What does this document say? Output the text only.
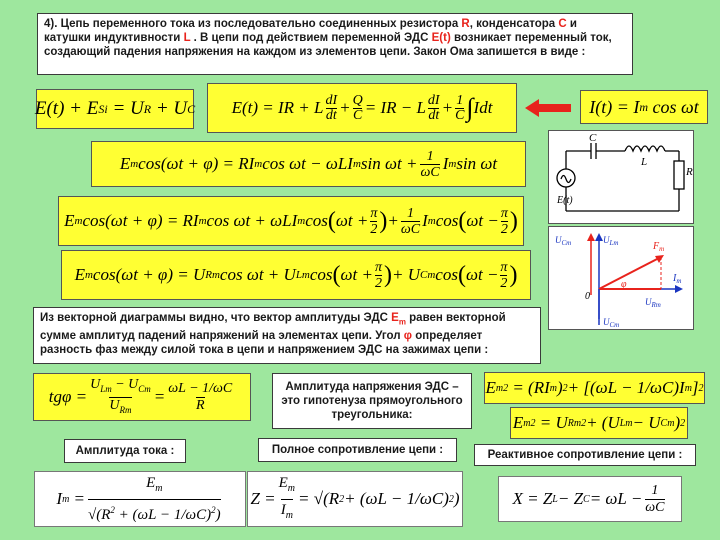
4). Цепь переменного тока из последовательно соединенных резистора R, конденсатора C и катушки индуктивности L . В цепи под действием переменной ЭДС E(t) возникает переменный ток, создающий падения напряжения на каждом из элементов цепи. Закон Ома запишется в виде :
E(t) + E Si = U R + U C	E(t) = IR + L dI
dt + Q
C = IR − L dI
dt + 1
C ∫ Idt	I(t) = I m cos ωt
E m cos(ωt + φ) = RI m cos ωt − ωLI m sin ωt + 1
ωC I m sin ωt
E m cos(ωt + φ) = RI m cos ωt + ωLI m cos ( ωt + π
2 ) + 1
ωC I m cos ( ωt − π
2 )
E m cos(ωt + φ) = U Rm cos ωt + U Lm cos ( ωt + π
2 ) + U Cm cos ( ωt − π
2 )
C
L
R
E(t)
$U_{Cm}$	$U_{Lm}$	$F_m$
φ
$I_m$
0	$U_{Rm}$
$U_{Cm}$
Из векторной диаграммы видно, что вектор амплитуды ЭДС $E_m$ равен векторной сумме амплитуд падений напряжений на элементах цепи. Угол φ определяет разность фаз между силой тока в цепи и напряжением ЭДС на зажимах цепи :
tgφ =
$U_{Lm} - U_{Cm}$
$U_{Rm}$
= ωL − 1/ωC
R
Амплитуда напряжения ЭДС – это гипотенуза прямоугольного треугольника:
E m 2 = (RI m ) 2 + [(ωL − 1/ωC)I m ] 2
E m 2 = U Rm 2 + (U Lm − U Cm ) 2
Амплитуда тока :	Полное сопротивление цепи :	Реактивное сопротивление цепи :
I m =
$E_m$
$√(R^2 + (\omega L - 1/\omega C)^2)$
Z =
$E_m$
$I_m$
= √(R 2 + (ωL − 1/ωC) 2 )	X = Z L − Z C = ωL − 1
ωC
